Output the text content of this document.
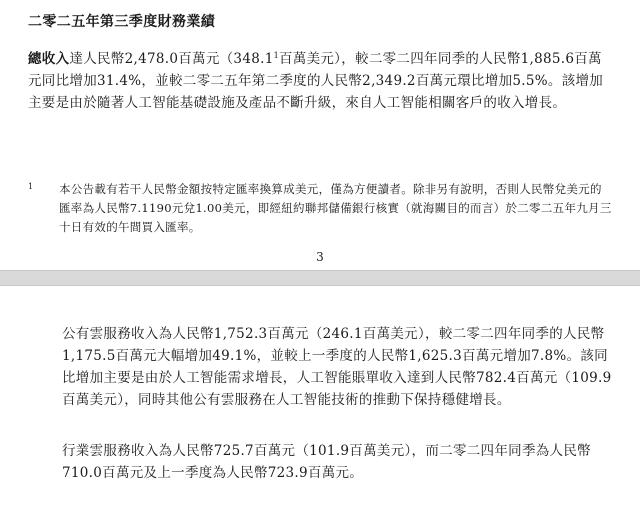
二零二五年第三季度財務業績

總收入達人民幣2,478.0百萬元（348.1$^1$百萬美元），較二零二四年同季的人民幣1,885.6百萬元同比增加31.4%，並較二零二五年第二季度的人民幣2,349.2百萬元環比增加5.5%。該增加主要是由於隨著人工智能基礎設施及產品不斷升級，來自人工智能相關客戶的收入增長。

1 本公告載有若干人民幣金額按特定匯率換算成美元，僅為方便讀者。除非另有說明，否則人民幣兌美元的匯率為人民幣7.1190元兌1.00美元，即經紐約聯邦儲備銀行核實（就海關目的而言）於二零二五年九月三十日有效的午間買入匯率。

3

公有雲服務收入為人民幣1,752.3百萬元（246.1百萬美元），較二零二四年同季的人民幣1,175.5百萬元大幅增加49.1%，並較上一季度的人民幣1,625.3百萬元增加7.8%。該同比增加主要是由於人工智能需求增長，人工智能賬單收入達到人民幣782.4百萬元（109.9百萬美元），同時其他公有雲服務在人工智能技術的推動下保持穩健增長。

行業雲服務收入為人民幣725.7百萬元（101.9百萬美元），而二零二四年同季為人民幣710.0百萬元及上一季度為人民幣723.9百萬元。
